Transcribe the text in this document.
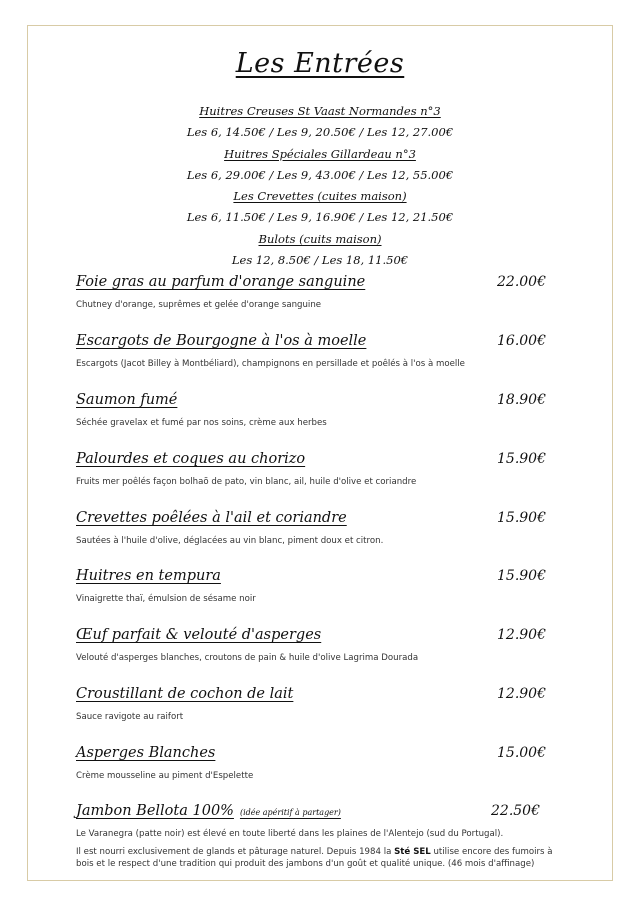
Les Entrées
Huitres Creuses St Vaast Normandes n°3
Les 6, 14.50€ / Les 9, 20.50€ / Les 12, 27.00€
Huitres Spéciales Gillardeau n°3
Les 6, 29.00€ / Les 9, 43.00€ / Les 12, 55.00€
Les Crevettes (cuites maison)
Les 6, 11.50€ / Les 9, 16.90€ / Les 12, 21.50€
Bulots (cuits maison)
Les 12, 8.50€ / Les 18, 11.50€
Foie gras au parfum d'orange sanguine	22.00€
Chutney d'orange, suprêmes et gelée d'orange sanguine
Escargots de Bourgogne à l'os à moelle	16.00€
Escargots (Jacot Billey à Montbéliard), champignons en persillade et poêlés à l'os à moelle
Saumon fumé	18.90€
Séchée gravelax et fumé par nos soins, crème aux herbes
Palourdes et coques au chorizo	15.90€
Fruits mer poêlés façon bolhaõ de pato, vin blanc, ail, huile d'olive et coriandre
Crevettes poêlées à l'ail et coriandre	15.90€
Sautées à l'huile d'olive, déglacées au vin blanc, piment doux et citron.
Huitres en tempura	15.90€
Vinaigrette thaï, émulsion de sésame noir
Œuf parfait & velouté d'asperges	12.90€
Velouté d'asperges blanches, croutons de pain & huile d'olive Lagrima Dourada
Croustillant de cochon de lait	12.90€
Sauce ravigote au raifort
Asperges Blanches	15.00€
Crème mousseline au piment d'Espelette
Jambon Bellota 100% (idée apéritif à partager)	22.50€

Le Varanegra (patte noir) est élevé en toute liberté dans les plaines de l'Alentejo (sud du Portugal).

Il est nourri exclusivement de glands et pâturage naturel. Depuis 1984 la Sté SEL utilise encore des fumoirs à bois et le respect d'une tradition qui produit des jambons d'un goût et qualité unique. (46 mois d'affinage)
